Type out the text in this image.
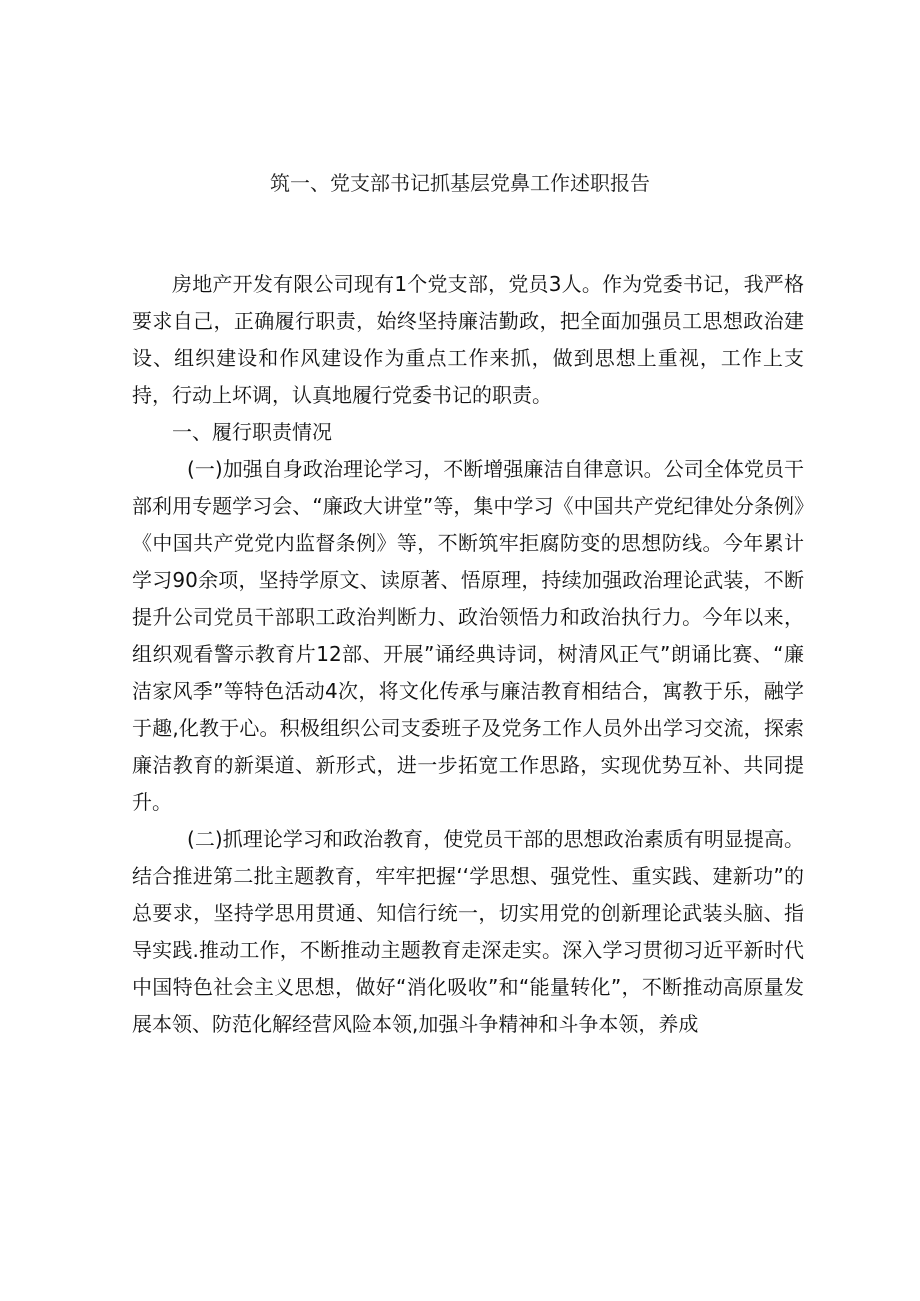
筑一、党支部书记抓基层党鼻工作述职报告

房地产开发有限公司现有1个党支部，党员3人。作为党委书记，我严格要求自己，正确履行职责，始终坚持廉洁勤政，把全面加强员工思想政治建设、组织建设和作风建设作为重点工作来抓，做到思想上重视，工作上支持，行动上坏调，认真地履行党委书记的职责。

一、履行职责情况

(一)加强自身政治理论学习，不断增强廉洁自律意识。公司全体党员干部利用专题学习会、“廉政大讲堂”等，集中学习《中国共产党纪律处分条例》《中国共产党党内监督条例》等，不断筑牢拒腐防变的思想防线。今年累计学习90余项，坚持学原文、读原著、悟原理，持续加强政治理论武装，不断提升公司党员干部职工政治判断力、政治领悟力和政治执行力。今年以来，组织观看警示教育片12部、开展”诵经典诗词，树清风正气”朗诵比赛、“廉洁家风季”等特色活动4次，将文化传承与廉洁教育相结合，寓教于乐，融学于趣,化教于心。积极组织公司支委班子及党务工作人员外出学习交流，探索廉洁教育的新渠道、新形式，进一步拓宽工作思路，实现优势互补、共同提升。

(二)抓理论学习和政治教育，使党员干部的思想政治素质有明显提高。结合推进第二批主题教育，牢牢把握‘‘学思想、强党性、重实践、建新功”的总要求，坚持学思用贯通、知信行统一，切实用党的创新理论武装头脑、指导实践.推动工作，不断推动主题教育走深走实。深入学习贯彻习近平新时代中国特色社会主义思想，做好“消化吸收”和“能量转化”，不断推动高原量发展本领、防范化解经营风险本领,加强斗争精神和斗争本领，养成
